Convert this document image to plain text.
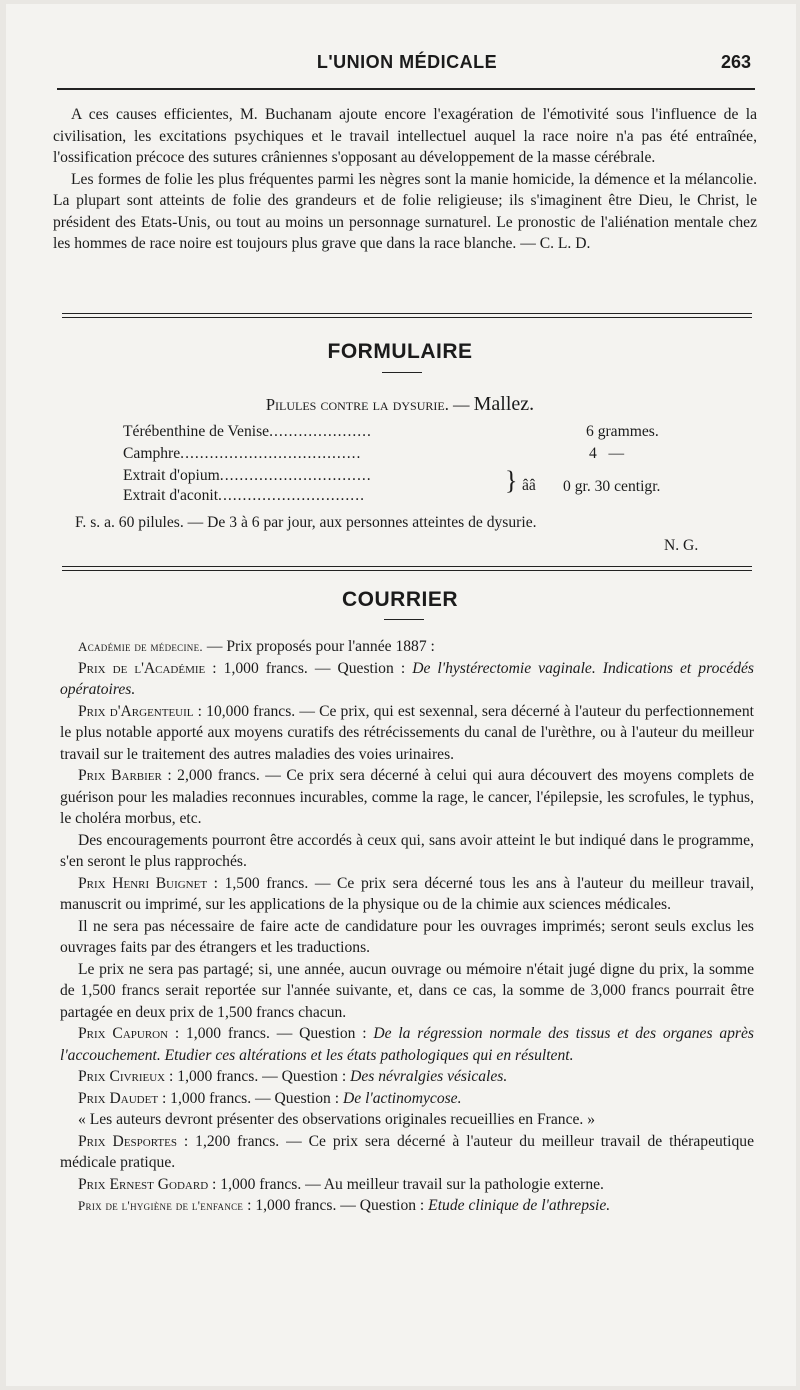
L'UNION MÉDICALE	263

A ces causes efficientes, M. Buchanam ajoute encore l'exagération de l'émotivité sous l'influence de la civilisation, les excitations psychiques et le travail intellectuel auquel la race noire n'a pas été entraînée, l'ossification précoce des sutures crâniennes s'opposant au développement de la masse cérébrale.

Les formes de folie les plus fréquentes parmi les nègres sont la manie homicide, la démence et la mélancolie. La plupart sont atteints de folie des grandeurs et de folie religieuse; ils s'imaginent être Dieu, le Christ, le président des Etats-Unis, ou tout au moins un personnage surnaturel. Le pronostic de l'aliénation mentale chez les hommes de race noire est toujours plus grave que dans la race blanche. — C. L. D.

FORMULAIRE
Pilules contre la dysurie. — Mallez.
Térébenthine de Venise.....................	6 grammes.
Camphre.....................................	4   —
Extrait d'opium...............................
Extrait d'aconit..............................
} ââ 0 gr. 30 centigr.
F. s. a. 60 pilules. — De 3 à 6 par jour, aux personnes atteintes de dysurie.
N. G.
COURRIER

Académie de médecine. — Prix proposés pour l'année 1887 :

Prix de l'Académie : 1,000 francs. — Question : De l'hystérectomie vaginale. Indications et procédés opératoires.

Prix d'Argenteuil : 10,000 francs. — Ce prix, qui est sexennal, sera décerné à l'auteur du perfectionnement le plus notable apporté aux moyens curatifs des rétrécissements du canal de l'urèthre, ou à l'auteur du meilleur travail sur le traitement des autres maladies des voies urinaires.

Prix Barbier : 2,000 francs. — Ce prix sera décerné à celui qui aura découvert des moyens complets de guérison pour les maladies reconnues incurables, comme la rage, le cancer, l'épilepsie, les scrofules, le typhus, le choléra morbus, etc.

Des encouragements pourront être accordés à ceux qui, sans avoir atteint le but indiqué dans le programme, s'en seront le plus rapprochés.

Prix Henri Buignet : 1,500 francs. — Ce prix sera décerné tous les ans à l'auteur du meilleur travail, manuscrit ou imprimé, sur les applications de la physique ou de la chimie aux sciences médicales.

Il ne sera pas nécessaire de faire acte de candidature pour les ouvrages imprimés; seront seuls exclus les ouvrages faits par des étrangers et les traductions.

Le prix ne sera pas partagé; si, une année, aucun ouvrage ou mémoire n'était jugé digne du prix, la somme de 1,500 francs serait reportée sur l'année suivante, et, dans ce cas, la somme de 3,000 francs pourrait être partagée en deux prix de 1,500 francs chacun.

Prix Capuron : 1,000 francs. — Question : De la régression normale des tissus et des organes après l'accouchement. Etudier ces altérations et les états pathologiques qui en résultent.

Prix Civrieux : 1,000 francs. — Question : Des névralgies vésicales.

Prix Daudet : 1,000 francs. — Question : De l'actinomycose.

« Les auteurs devront présenter des observations originales recueillies en France. »

Prix Desportes : 1,200 francs. — Ce prix sera décerné à l'auteur du meilleur travail de thérapeutique médicale pratique.

Prix Ernest Godard : 1,000 francs. — Au meilleur travail sur la pathologie externe.

Prix de l'hygiène de l'enfance : 1,000 francs. — Question : Etude clinique de l'athrepsie.
